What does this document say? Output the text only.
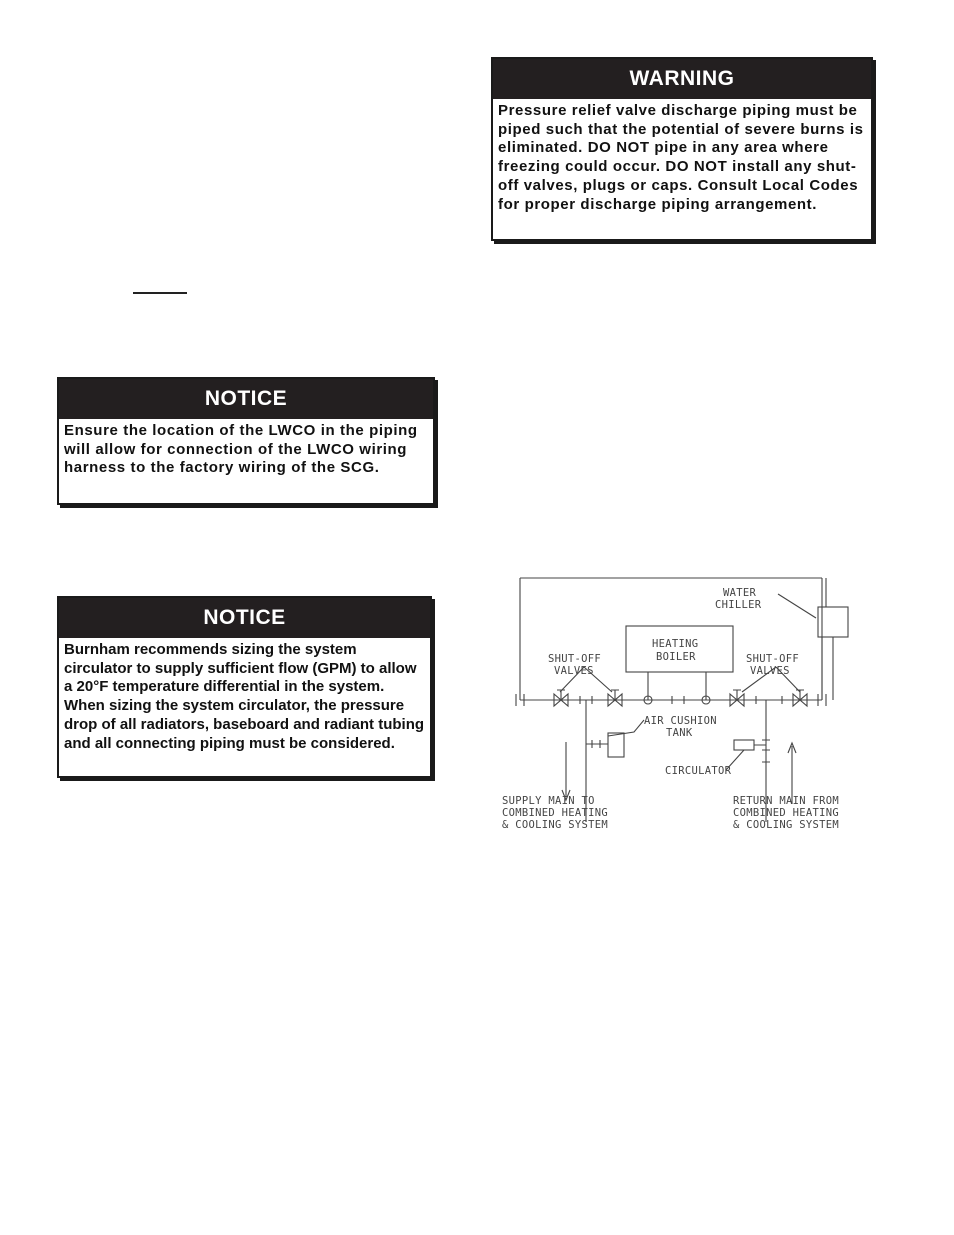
WARNING
Pressure relief valve discharge piping must be piped such that the potential of severe burns is eliminated. DO NOT pipe in any area where freezing could occur. DO NOT install any shut-off valves, plugs or caps. Consult Local Codes for proper discharge piping arrangement.
NOTICE
Ensure the location of the LWCO in the piping will allow for connection of the LWCO wiring harness to the factory wiring of the SCG.
NOTICE
Burnham recommends sizing the system circulator to supply sufficient flow (GPM) to allow a 20°F temperature differential in the system. When sizing the system circulator, the pressure drop of all radiators, baseboard and radiant tubing and all connecting piping must be considered.
WATER
CHILLER
HEATING
BOILER
SHUT-OFF
VALVES
SHUT-OFF
VALVES
AIR CUSHION
TANK
CIRCULATOR
SUPPLY MAIN TO
COMBINED HEATING
& COOLING SYSTEM
RETURN MAIN FROM
COMBINED HEATING
& COOLING SYSTEM
